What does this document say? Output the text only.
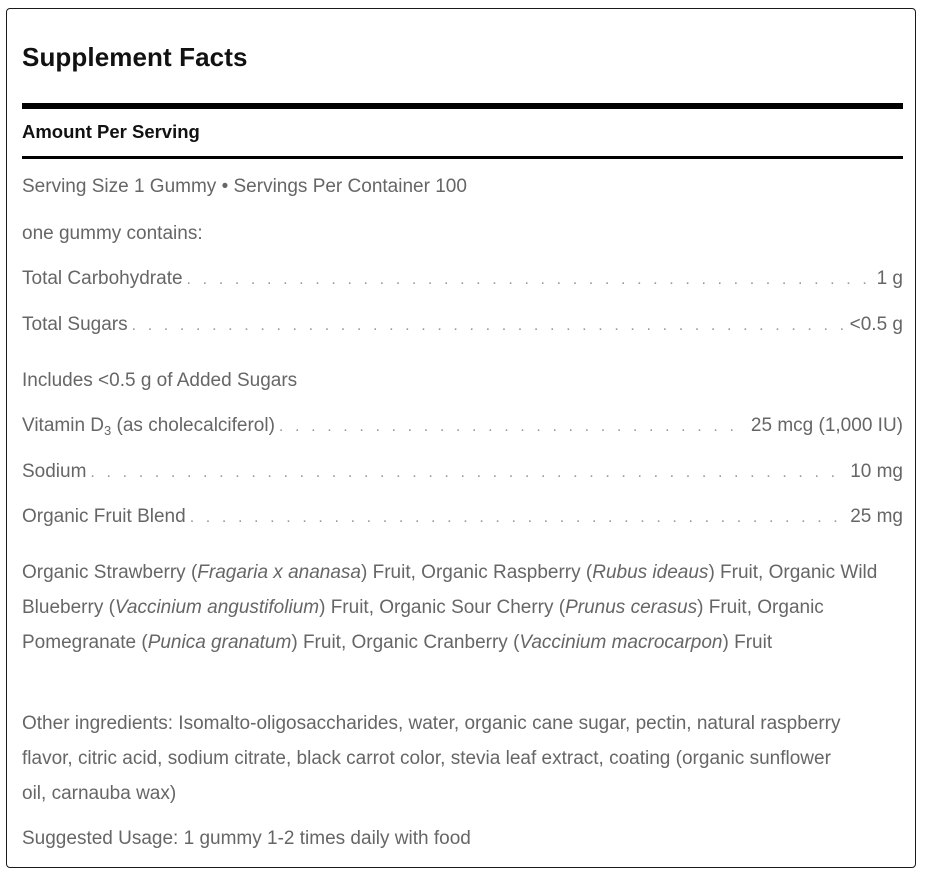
Supplement Facts
Amount Per Serving
Serving Size 1 Gummy • Servings Per Container 100
one gummy contains:
Total Carbohydrate . . .	1 g
Total Sugars . . .	<0.5 g
Includes <0.5 g of Added Sugars
Vitamin $D_3$ (as cholecalciferol) . . .	25 mcg (1,000 IU)
Sodium . . .	10 mg
Organic Fruit Blend . . .	25 mg

Organic Strawberry (Fragaria x ananasa) Fruit, Organic Raspberry (Rubus ideaus) Fruit, Organic Wild Blueberry (Vaccinium angustifolium) Fruit, Organic Sour Cherry (Prunus cerasus) Fruit, Organic Pomegranate (Punica granatum) Fruit, Organic Cranberry (Vaccinium macrocarpon) Fruit

Other ingredients: Isomalto-oligosaccharides, water, organic cane sugar, pectin, natural raspberry flavor, citric acid, sodium citrate, black carrot color, stevia leaf extract, coating (organic sunflower oil, carnauba wax)

Suggested Usage: 1 gummy 1-2 times daily with food
